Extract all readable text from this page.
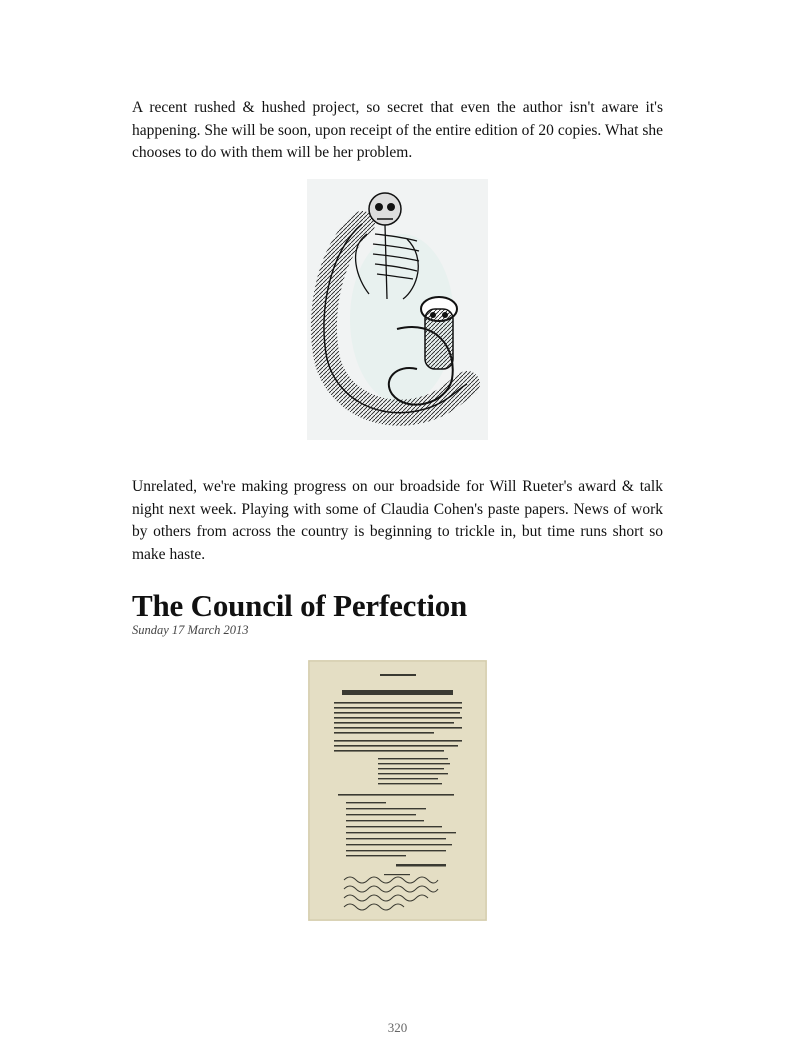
A recent rushed & hushed project, so secret that even the author isn't aware it's happening. She will be soon, upon receipt of the entire edition of 20 copies. What she chooses to do with them will be her problem.

Unrelated, we're making progress on our broadside for Will Rueter's award & talk night next week. Playing with some of Claudia Cohen's paste papers. News of work by others from across the country is beginning to trickle in, but time runs short so make haste.

The Council of Perfection

Sunday 17 March 2013

320
